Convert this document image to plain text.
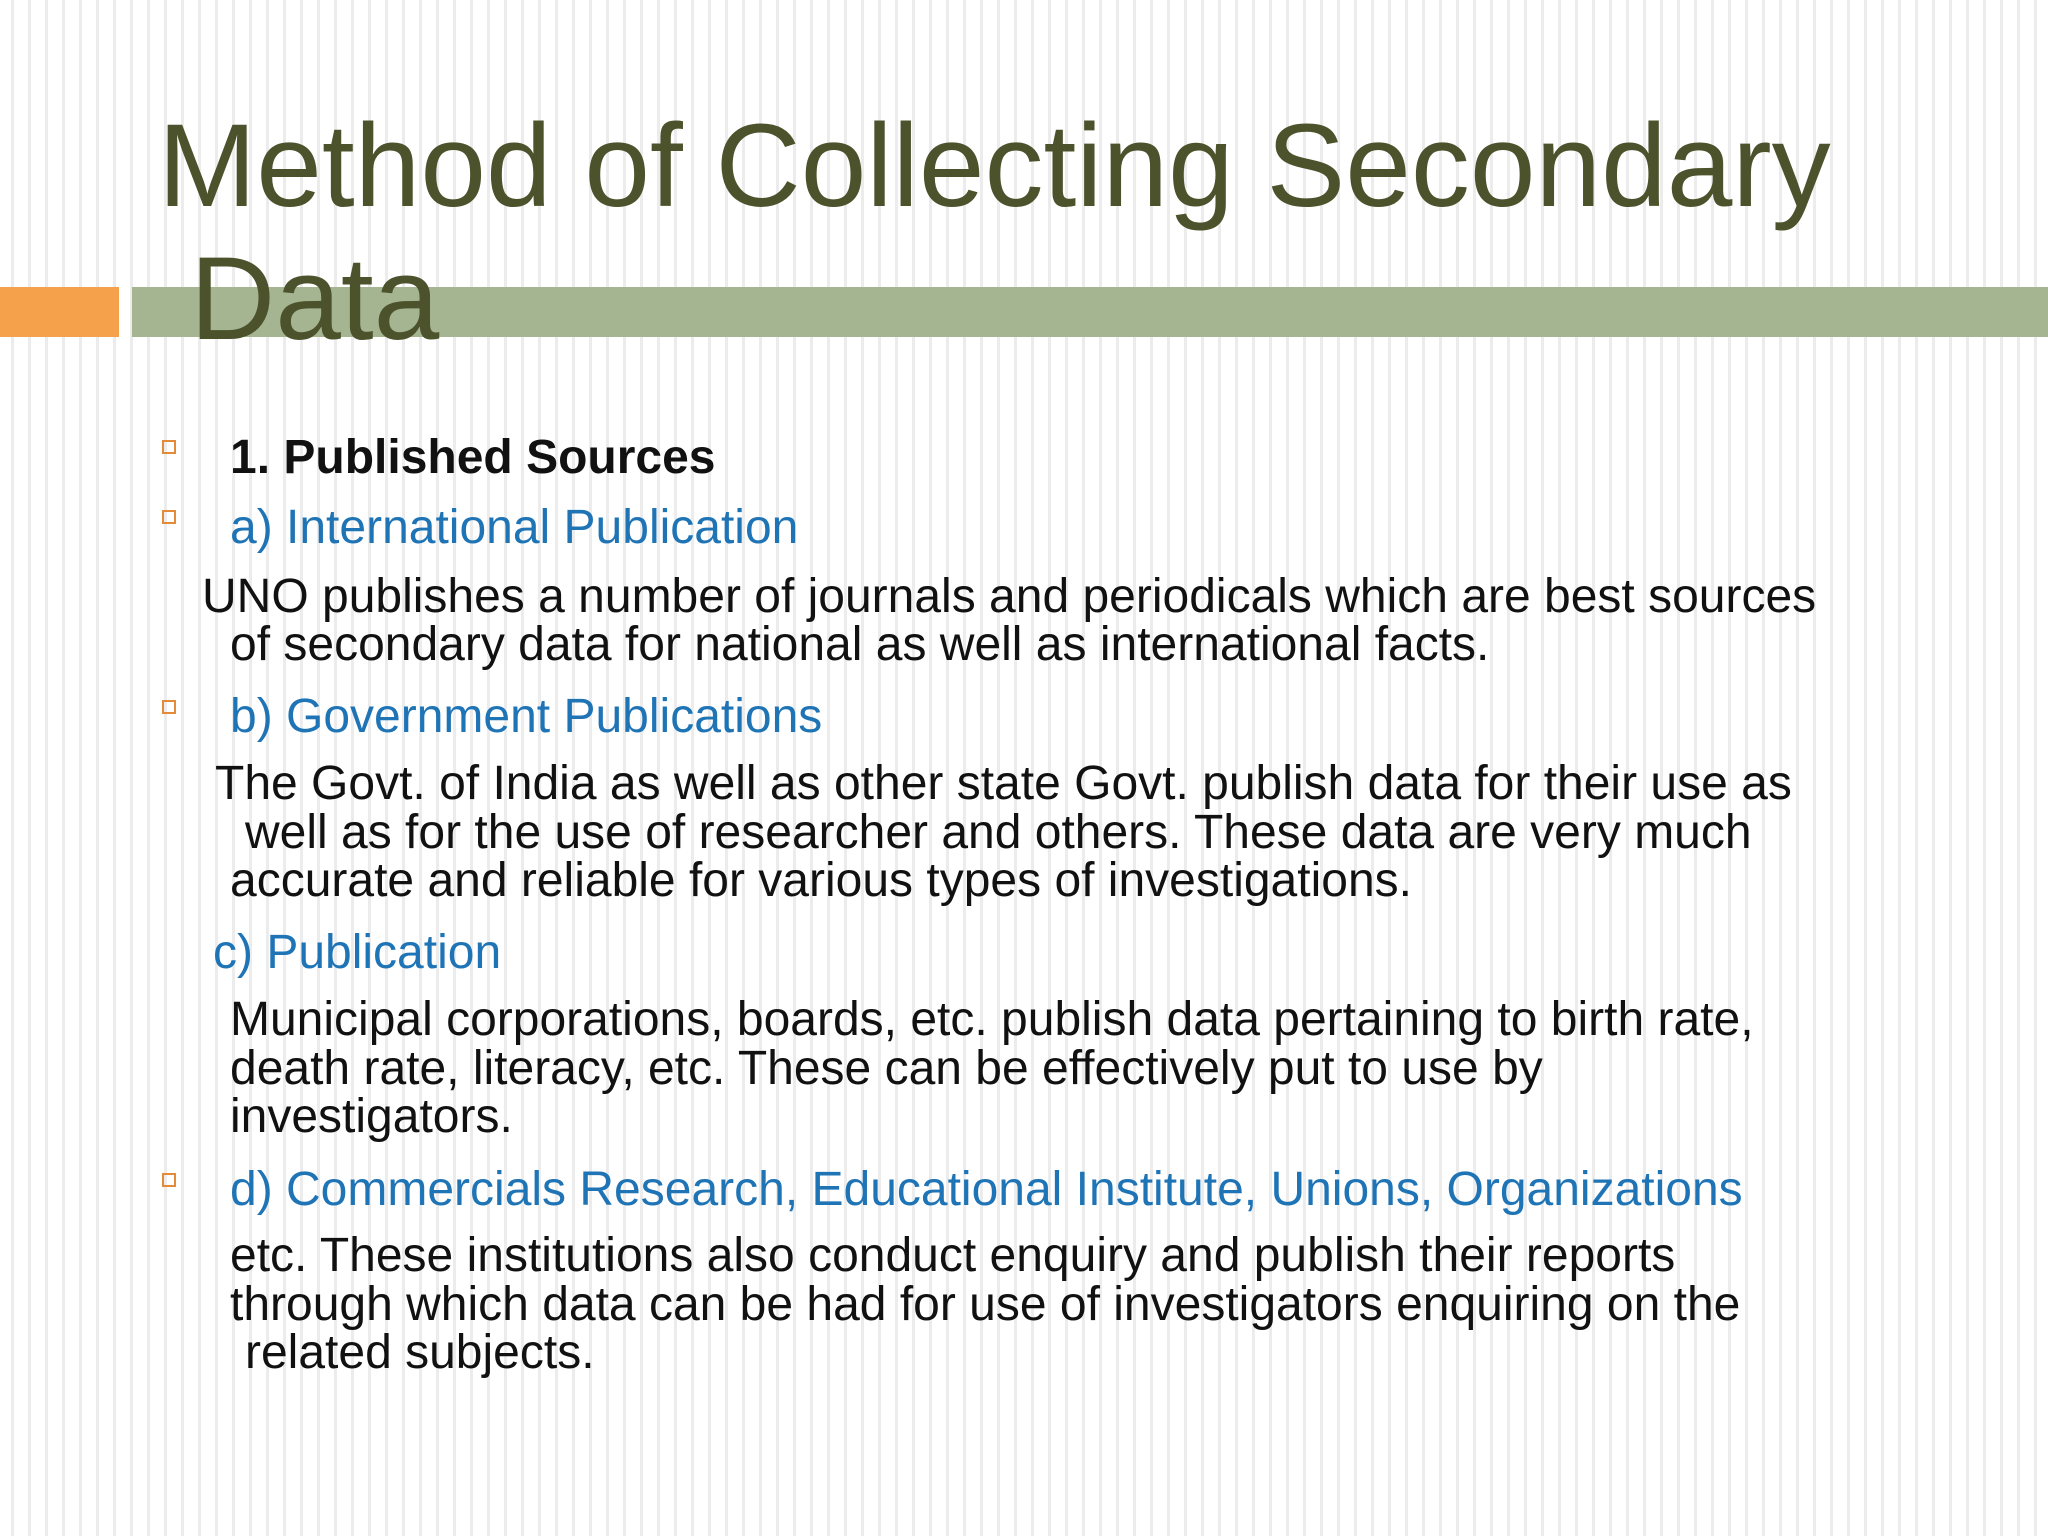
Method of Collecting Secondary
Data
1. Published Sources
a) International Publication
UNO publishes a number of journals and periodicals which are best sources
of secondary data for national as well as international facts.
b) Government Publications
The Govt. of India as well as other state Govt. publish data for their use as
well as for the use of researcher and others. These data are very much
accurate and reliable for various types of investigations.
c) Publication
Municipal corporations, boards, etc. publish data pertaining to birth rate,
death rate, literacy, etc. These can be effectively put to use by
investigators.
d) Commercials Research, Educational Institute, Unions, Organizations
etc. These institutions also conduct enquiry and publish their reports
through which data can be had for use of investigators enquiring on the
related subjects.
